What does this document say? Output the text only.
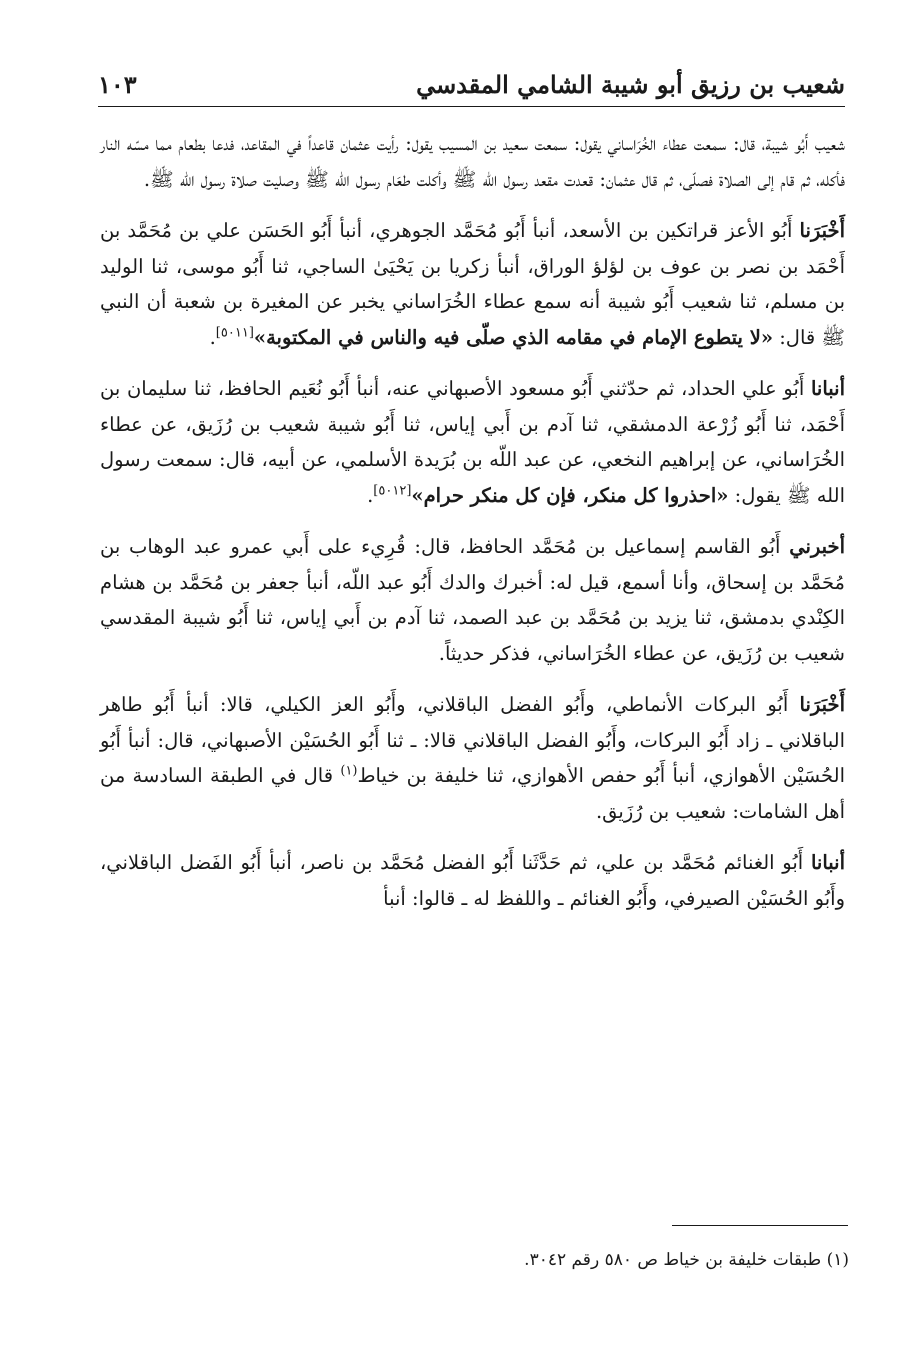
شعيب بن رزيق أبو شيبة الشامي المقدسي
١٠٣

شعيب أَبُو شيبة، قال: سمعت عطاء الخُرَاساني يقول: سمعت سعيد بن المسيب يقول: رأيت عثمان قاعداً في المقاعد، فدعا بطعام مما مسّه النار فأكله، ثم قام إلى الصلاة فصلّى، ثم قال عثمان: قعدت مقعد رسول الله ﷺ وأكلت طعَام رسول الله ﷺ وصليت صلاة رسول الله ﷺ.

أَخْبَرَنا أَبُو الأعز قراتكين بن الأسعد، أنبأ أَبُو مُحَمَّد الجوهري، أنبأ أَبُو الحَسَن علي بن مُحَمَّد بن أَحْمَد بن نصر بن عوف بن لؤلؤ الوراق، أنبأ زكريا بن يَحْيَىٰ الساجي، ثنا أَبُو موسى، ثنا الوليد بن مسلم، ثنا شعيب أَبُو شيبة أنه سمع عطاء الخُرَاساني يخبر عن المغيرة بن شعبة أن النبي ﷺ قال: «لا يتطوع الإمام في مقامه الذي صلّى فيه والناس في المكتوبة»[٥٠١١].

أنبانا أَبُو علي الحداد، ثم حدّثني أَبُو مسعود الأصبهاني عنه، أنبأ أَبُو نُعَيم الحافظ، ثنا سليمان بن أَحْمَد، ثنا أَبُو زُرْعة الدمشقي، ثنا آدم بن أَبي إياس، ثنا أَبُو شيبة شعيب بن رُزَيق، عن عطاء الخُرَاساني، عن إبراهيم النخعي، عن عبد اللّه بن بُرَيدة الأسلمي، عن أبيه، قال: سمعت رسول الله ﷺ يقول: «احذروا كل منكر، فإن كل منكر حرام»[٥٠١٢].

أخبرني أَبُو القاسم إسماعيل بن مُحَمَّد الحافظ، قال: قُرِيء على أَبي عمرو عبد الوهاب بن مُحَمَّد بن إسحاق، وأنا أسمع، قيل له: أخبرك والدك أَبُو عبد اللّه، أنبأ جعفر بن مُحَمَّد بن هشام الكِنْدي بدمشق، ثنا يزيد بن مُحَمَّد بن عبد الصمد، ثنا آدم بن أَبي إياس، ثنا أَبُو شيبة المقدسي شعيب بن رُزَيق، عن عطاء الخُرَاساني، فذكر حديثاً.

أَخْبَرَنا أَبُو البركات الأنماطي، وأَبُو الفضل الباقلاني، وأَبُو العز الكيلي، قالا: أنبأ أَبُو طاهر الباقلاني ـ زاد أَبُو البركات، وأَبُو الفضل الباقلاني قالا: ـ ثنا أَبُو الحُسَيْن الأصبهاني، قال: أنبأ أَبُو الحُسَيْن الأهوازي، أنبأ أَبُو حفص الأهوازي، ثنا خليفة بن خياط$^{(١)}$ قال في الطبقة السادسة من أهل الشامات: شعيب بن رُزَيق.

أنبانا أَبُو الغنائم مُحَمَّد بن علي، ثم حَدَّثَنا أَبُو الفضل مُحَمَّد بن ناصر، أنبأ أَبُو الفَضل الباقلاني، وأَبُو الحُسَيْن الصيرفي، وأَبُو الغنائم ـ واللفظ له ـ قالوا: أنبأ

(١) طبقات خليفة بن خياط ص ٥٨٠ رقم ٣٠٤٢.
